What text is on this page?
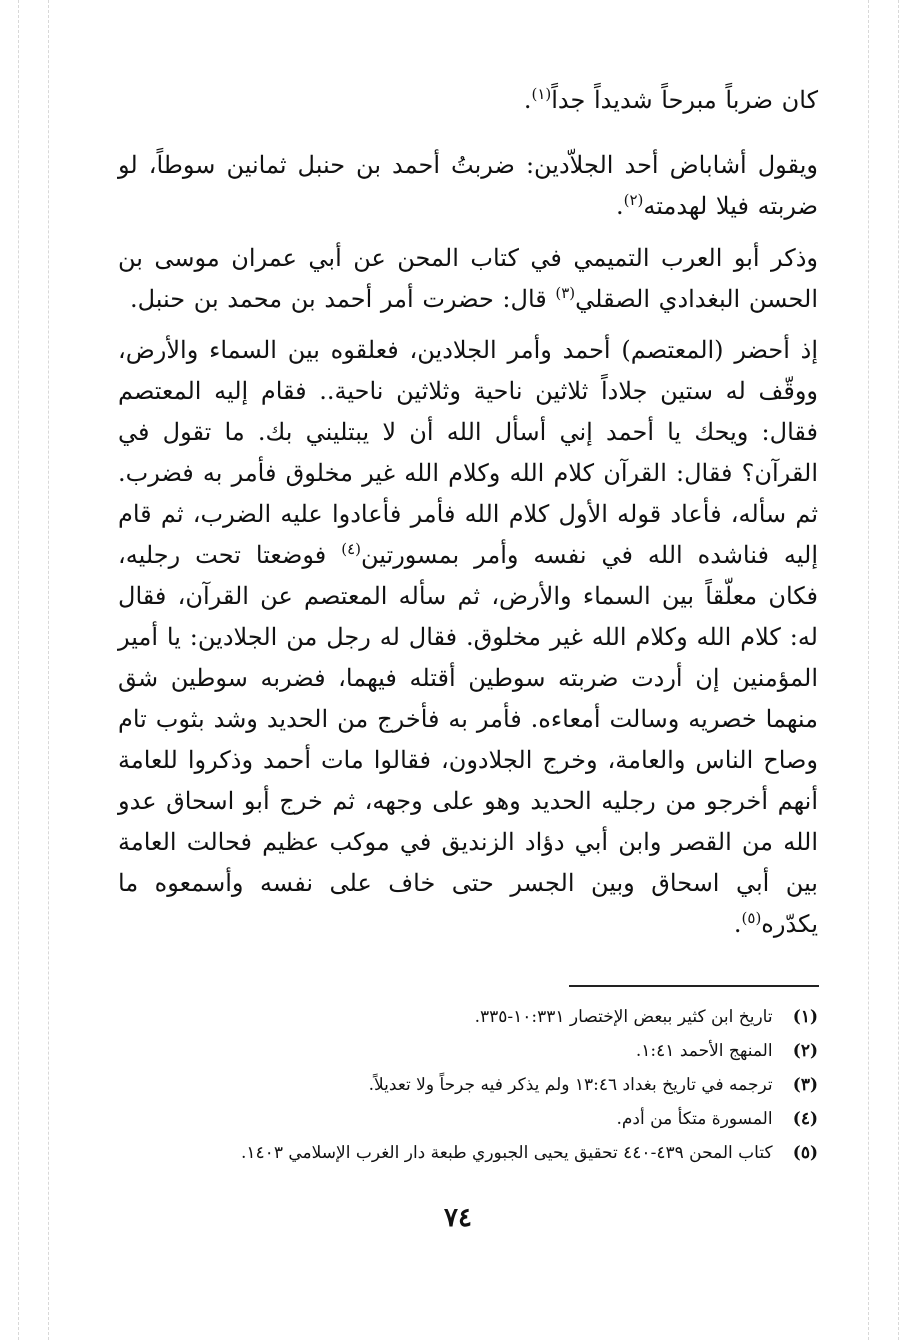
كان ضرباً مبرحاً شديداً جداً$^{(١)}$.

ويقول أشاباض أحد الجلاّدين: ضربتُ أحمد بن حنبل ثمانين سوطاً، لو ضربته فيلا لهدمته$^{(٢)}$.

وذكر أبو العرب التميمي في كتاب المحن عن أبي عمران موسى بن الحسن البغدادي الصقلي$^{(٣)}$ قال: حضرت أمر أحمد بن محمد بن حنبل.

إذ أحضر (المعتصم) أحمد وأمر الجلادين، فعلقوه بين السماء والأرض، ووقّف له ستين جلاداً ثلاثين ناحية وثلاثين ناحية.. فقام إليه المعتصم فقال: ويحك يا أحمد إني أسأل الله أن لا يبتليني بك. ما تقول في القرآن؟ فقال: القرآن كلام الله وكلام الله غير مخلوق فأمر به فضرب. ثم سأله، فأعاد قوله الأول كلام الله فأمر فأعادوا عليه الضرب، ثم قام إليه فناشده الله في نفسه وأمر بمسورتين$^{(٤)}$ فوضعتا تحت رجليه، فكان معلّقاً بين السماء والأرض، ثم سأله المعتصم عن القرآن، فقال له: كلام الله وكلام الله غير مخلوق. فقال له رجل من الجلادين: يا أمير المؤمنين إن أردت ضربته سوطين أقتله فيهما، فضربه سوطين شق منهما خصريه وسالت أمعاءه. فأمر به فأخرج من الحديد وشد بثوب تام وصاح الناس والعامة، وخرج الجلادون، فقالوا مات أحمد وذكروا للعامة أنهم أخرجو من رجليه الحديد وهو على وجهه، ثم خرج أبو اسحاق عدو الله من القصر وابن أبي دؤاد الزنديق في موكب عظيم فحالت العامة بين أبي اسحاق وبين الجسر حتى خاف على نفسه وأسمعوه ما يكدّره$^{(٥)}$.

(١) تاريخ ابن كثير ببعض الإختصار ١٠:٣٣١-٣٣٥.
(٢) المنهج الأحمد ١:٤١.
(٣) ترجمه في تاريخ بغداد ١٣:٤٦ ولم يذكر فيه جرحاً ولا تعديلاً.
(٤) المسورة متكأ من أدم.
(٥) كتاب المحن ٤٣٩-٤٤٠ تحقيق يحيى الجبوري طبعة دار الغرب الإسلامي ١٤٠٣.
٧٤
